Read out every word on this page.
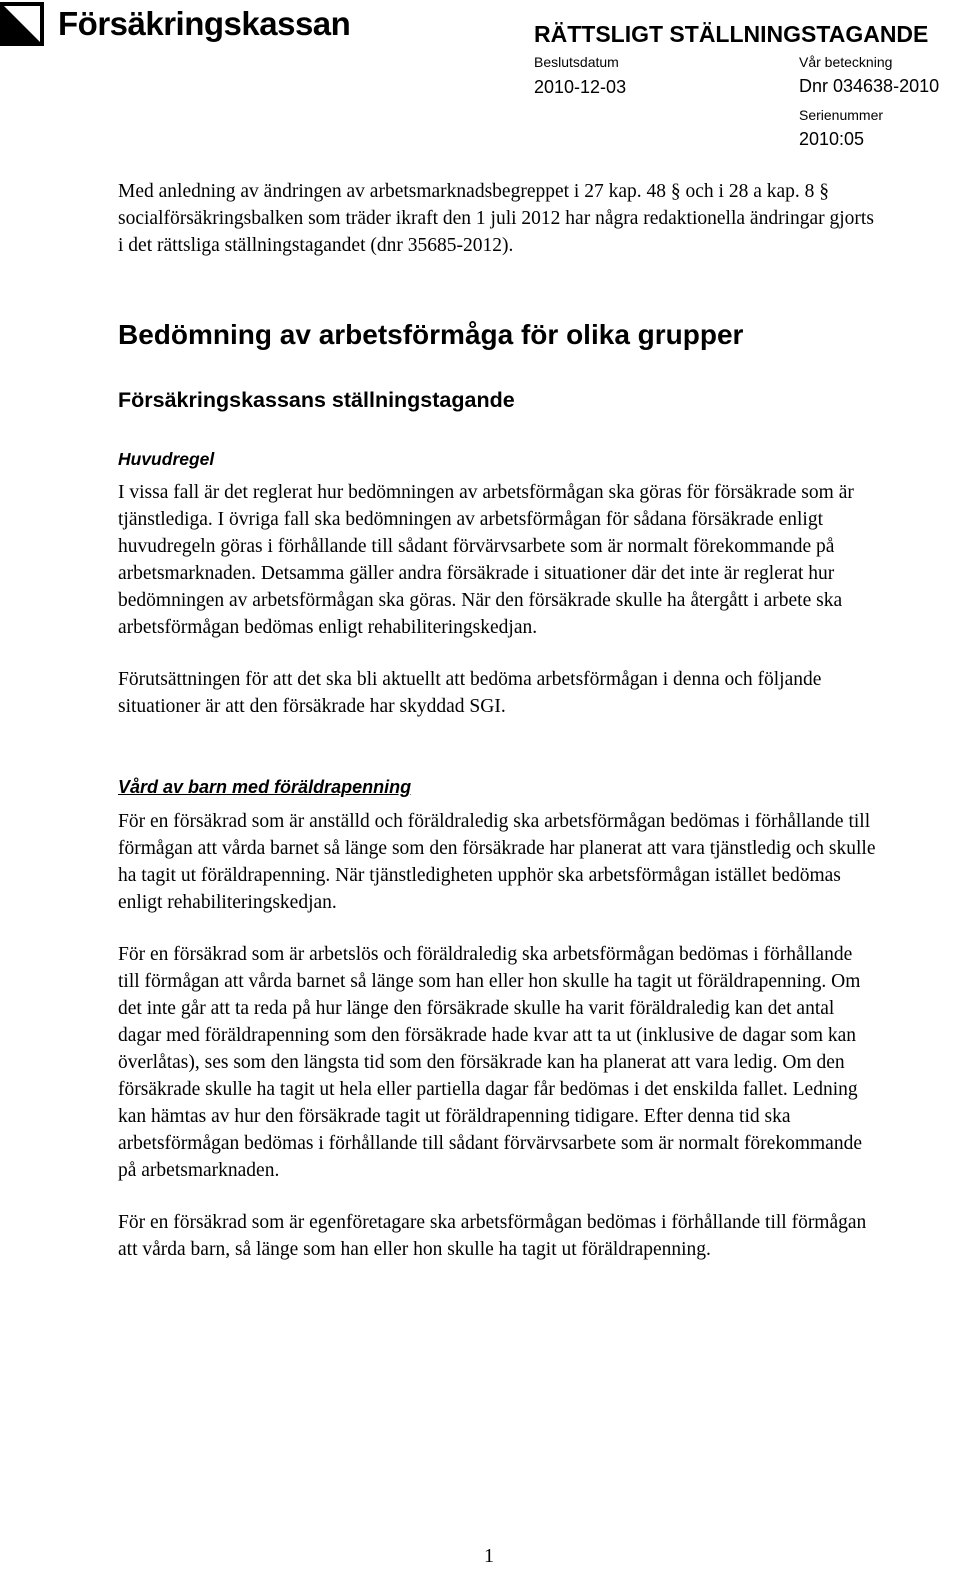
Försäkringskassan	RÄTTSLIGT STÄLLNINGSTAGANDE
Beslutsdatum
2010-12-03
Vår beteckning
Dnr 034638-2010
Serienummer
2010:05

Med anledning av ändringen av arbetsmarknadsbegreppet i 27 kap. 48 § och i 28 a kap. 8 § socialförsäkringsbalken som träder ikraft den 1 juli 2012 har några redaktionella ändringar gjorts i det rättsliga ställningstagandet (dnr 35685-2012).

Bedömning av arbetsförmåga för olika grupper
Försäkringskassans ställningstagande
Huvudregel

I vissa fall är det reglerat hur bedömningen av arbetsförmågan ska göras för försäkrade som är tjänstlediga. I övriga fall ska bedömningen av arbetsförmågan för sådana försäkrade enligt huvudregeln göras i förhållande till sådant förvärvsarbete som är normalt förekommande på arbetsmarknaden. Detsamma gäller andra försäkrade i situationer där det inte är reglerat hur bedömningen av arbetsförmågan ska göras. När den försäkrade skulle ha återgått i arbete ska arbetsförmågan bedömas enligt rehabiliteringskedjan.

Förutsättningen för att det ska bli aktuellt att bedöma arbetsförmågan i denna och följande situationer är att den försäkrade har skyddad SGI.

Vård av barn med föräldrapenning

För en försäkrad som är anställd och föräldraledig ska arbetsförmågan bedömas i förhållande till förmågan att vårda barnet så länge som den försäkrade har planerat att vara tjänstledig och skulle ha tagit ut föräldrapenning. När tjänstledigheten upphör ska arbetsförmågan istället bedömas enligt rehabiliteringskedjan.

För en försäkrad som är arbetslös och föräldraledig ska arbetsförmågan bedömas i förhållande till förmågan att vårda barnet så länge som han eller hon skulle ha tagit ut föräldrapenning. Om det inte går att ta reda på hur länge den försäkrade skulle ha varit föräldraledig kan det antal dagar med föräldrapenning som den försäkrade hade kvar att ta ut (inklusive de dagar som kan överlåtas), ses som den längsta tid som den försäkrade kan ha planerat att vara ledig. Om den försäkrade skulle ha tagit ut hela eller partiella dagar får bedömas i det enskilda fallet. Ledning kan hämtas av hur den försäkrade tagit ut föräldrapenning tidigare. Efter denna tid ska arbetsförmågan bedömas i förhållande till sådant förvärvsarbete som är normalt förekommande på arbetsmarknaden.

För en försäkrad som är egenföretagare ska arbetsförmågan bedömas i förhållande till förmågan att vårda barn, så länge som han eller hon skulle ha tagit ut föräldrapenning.

1
